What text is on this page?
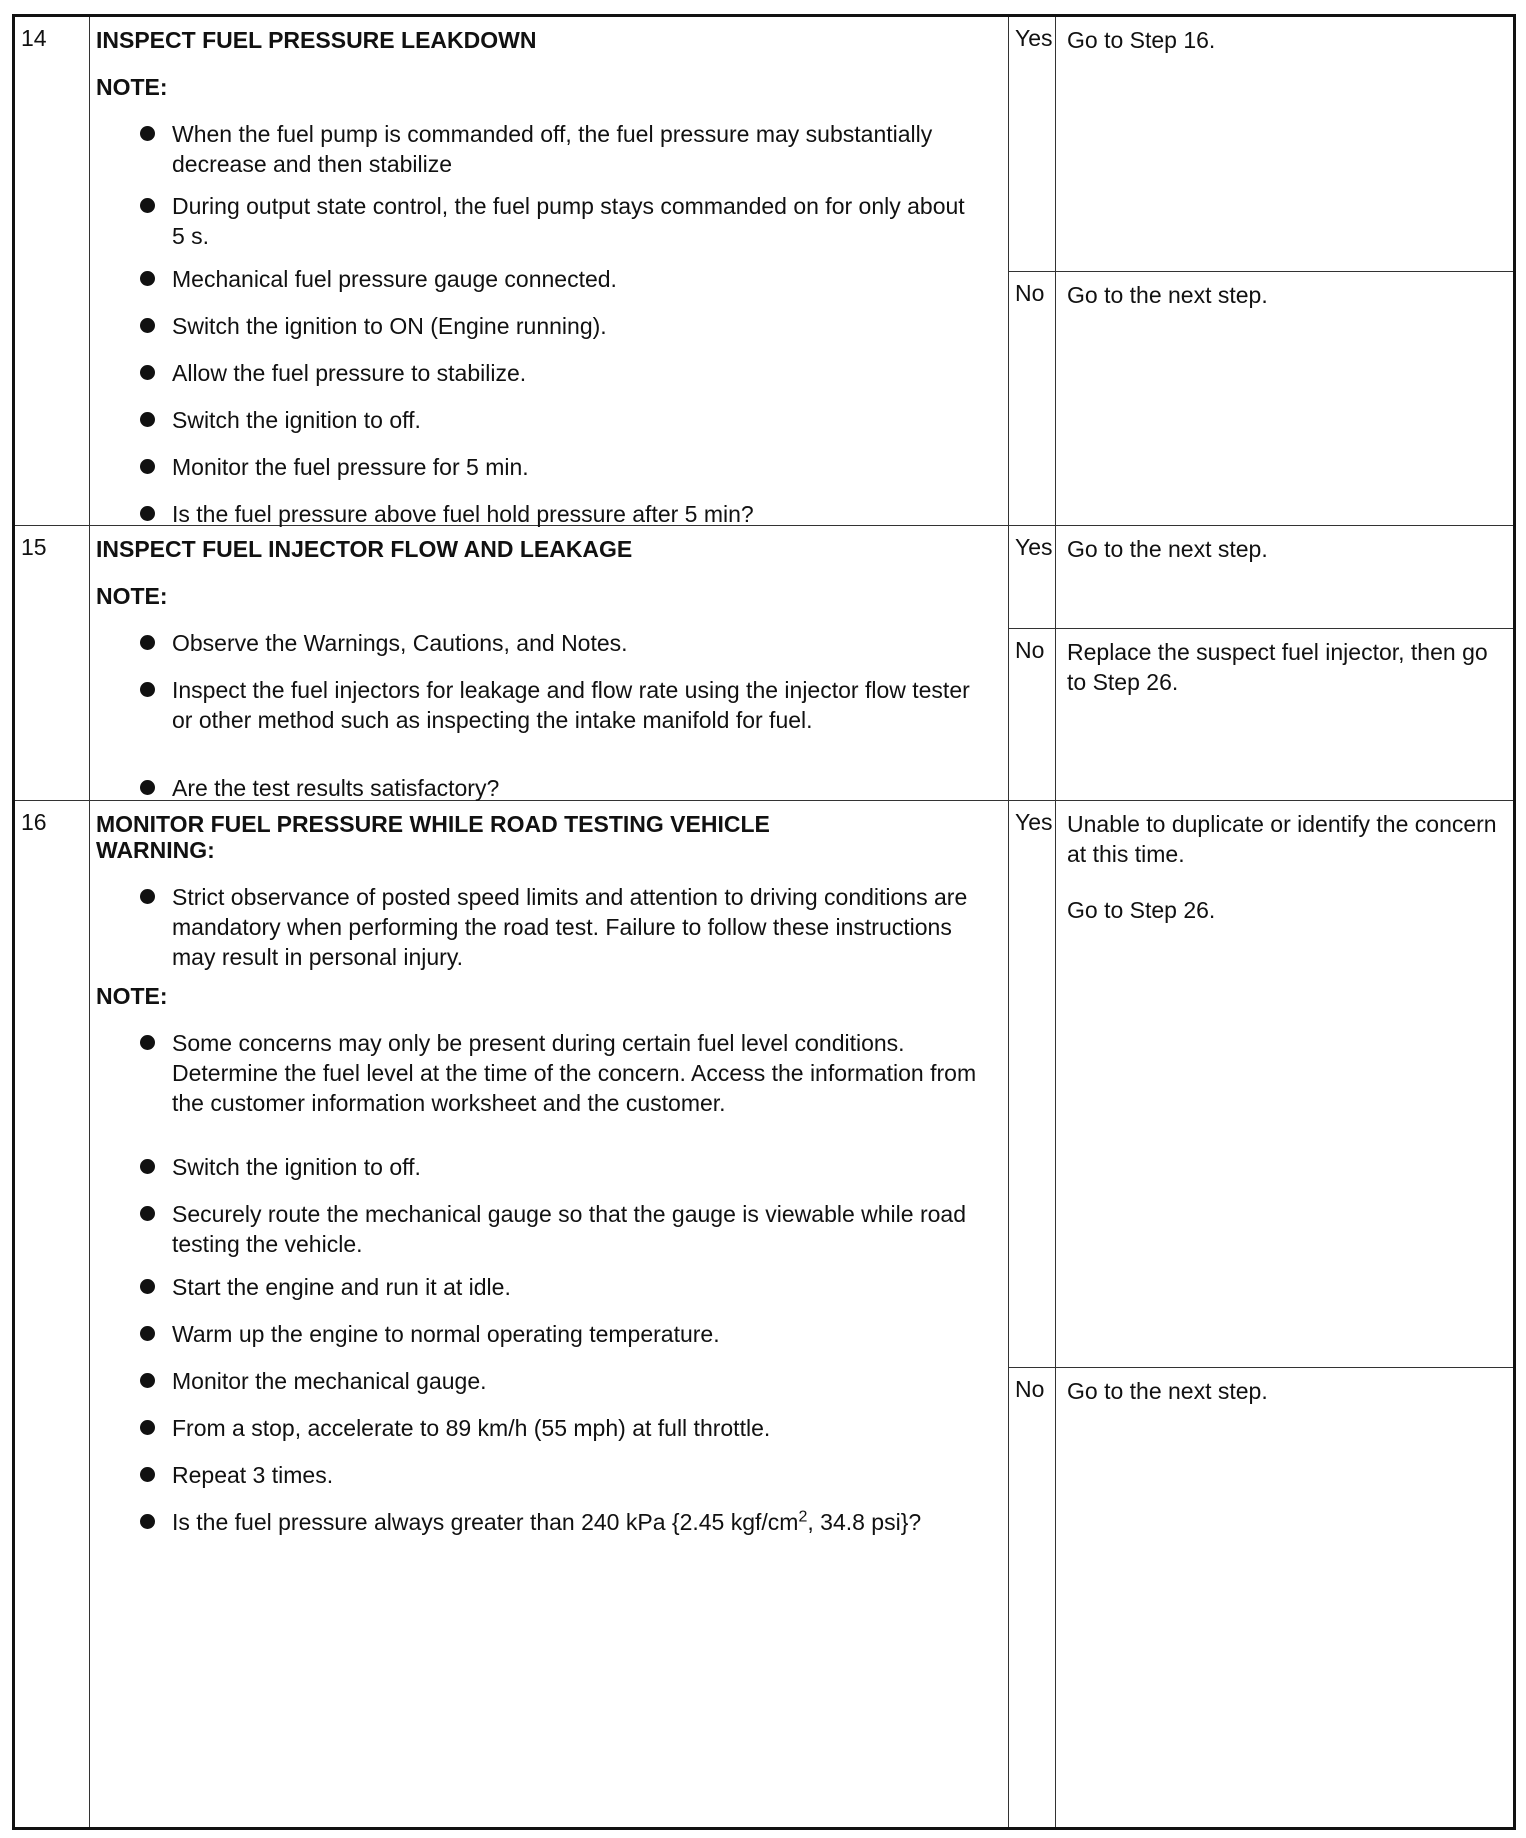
14 INSPECT FUEL PRESSURE LEAKDOWN
NOTE:
When the fuel pump is commanded off, the fuel pressure may substantially decrease and then stabilize
During output state control, the fuel pump stays commanded on for only about 5 s.
Mechanical fuel pressure gauge connected.
Switch the ignition to ON (Engine running).
Allow the fuel pressure to stabilize.
Switch the ignition to off.
Monitor the fuel pressure for 5 min.
Is the fuel pressure above fuel hold pressure after 5 min?
Yes Go to Step 16.
No Go to the next step.
15 INSPECT FUEL INJECTOR FLOW AND LEAKAGE
NOTE:
Observe the Warnings, Cautions, and Notes.
Inspect the fuel injectors for leakage and flow rate using the injector flow tester or other method such as inspecting the intake manifold for fuel.
Are the test results satisfactory?
Yes Go to the next step.
No Replace the suspect fuel injector, then go to Step 26.
16 MONITOR FUEL PRESSURE WHILE ROAD TESTING VEHICLE
WARNING:
Strict observance of posted speed limits and attention to driving conditions are mandatory when performing the road test. Failure to follow these instructions may result in personal injury.
NOTE:
Some concerns may only be present during certain fuel level conditions. Determine the fuel level at the time of the concern. Access the information from the customer information worksheet and the customer.
Switch the ignition to off.
Securely route the mechanical gauge so that the gauge is viewable while road testing the vehicle.
Start the engine and run it at idle.
Warm up the engine to normal operating temperature.
Monitor the mechanical gauge.
From a stop, accelerate to 89 km/h (55 mph) at full throttle.
Repeat 3 times.
Is the fuel pressure always greater than 240 kPa {2.45 kgf/$cm^2$, 34.8 psi}?
Yes Unable to duplicate or identify the concern at this time.

Go to Step 26.

No Go to the next step.
